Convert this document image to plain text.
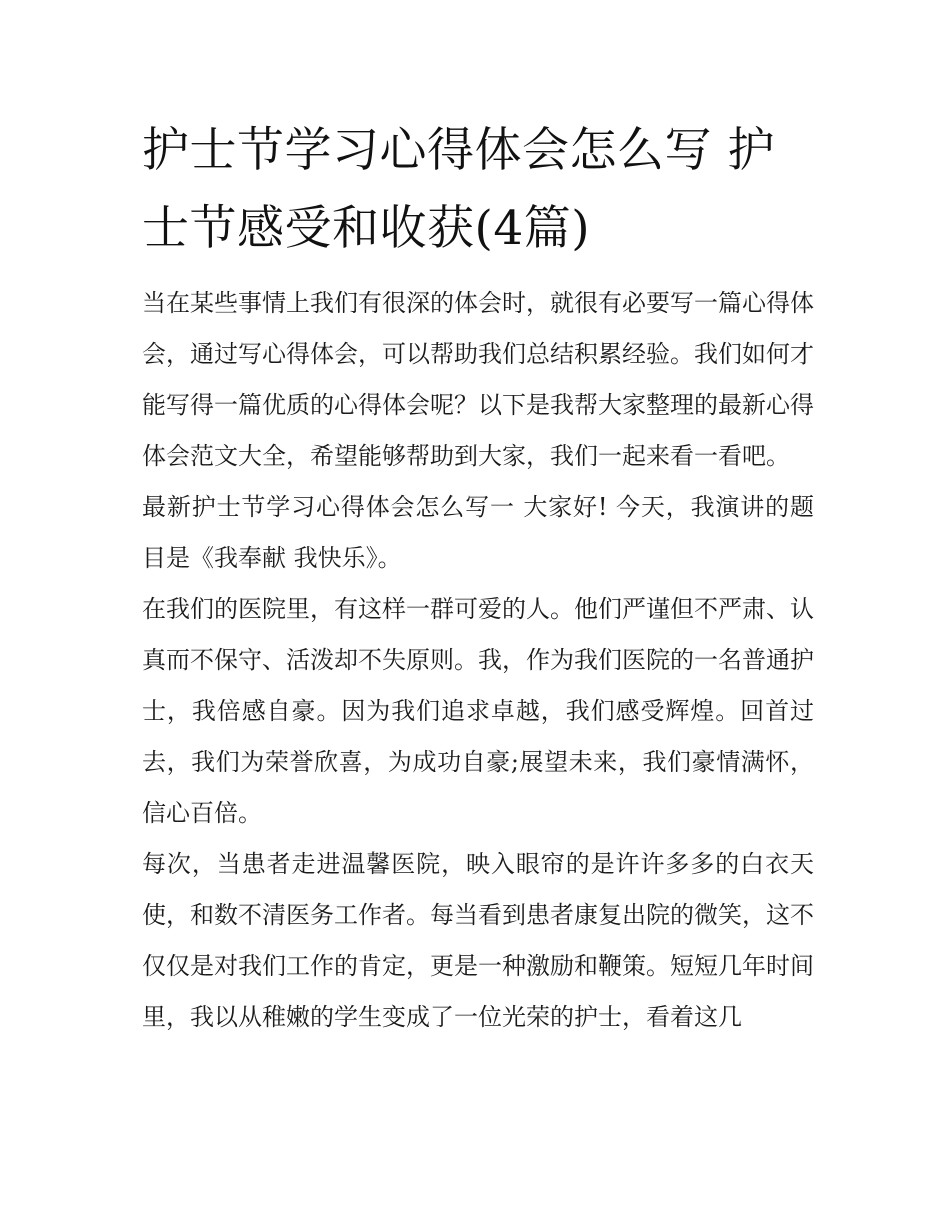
护士节学习心得体会怎么写 护士节感受和收获(4篇)

当在某些事情上我们有很深的体会时，就很有必要写一篇心得体会，通过写心得体会，可以帮助我们总结积累经验。我们如何才能写得一篇优质的心得体会呢？以下是我帮大家整理的最新心得体会范文大全，希望能够帮助到大家，我们一起来看一看吧。

最新护士节学习心得体会怎么写一 大家好! 今天，我演讲的题目是《我奉献 我快乐》。

在我们的医院里，有这样一群可爱的人。他们严谨但不严肃、认真而不保守、活泼却不失原则。我，作为我们医院的一名普通护士，我倍感自豪。因为我们追求卓越，我们感受辉煌。回首过去，我们为荣誉欣喜，为成功自豪;展望未来，我们豪情满怀，信心百倍。

每次，当患者走进温馨医院，映入眼帘的是许许多多的白衣天使，和数不清医务工作者。每当看到患者康复出院的微笑，这不仅仅是对我们工作的肯定，更是一种激励和鞭策。短短几年时间里，我以从稚嫩的学生变成了一位光荣的护士，看着这几
